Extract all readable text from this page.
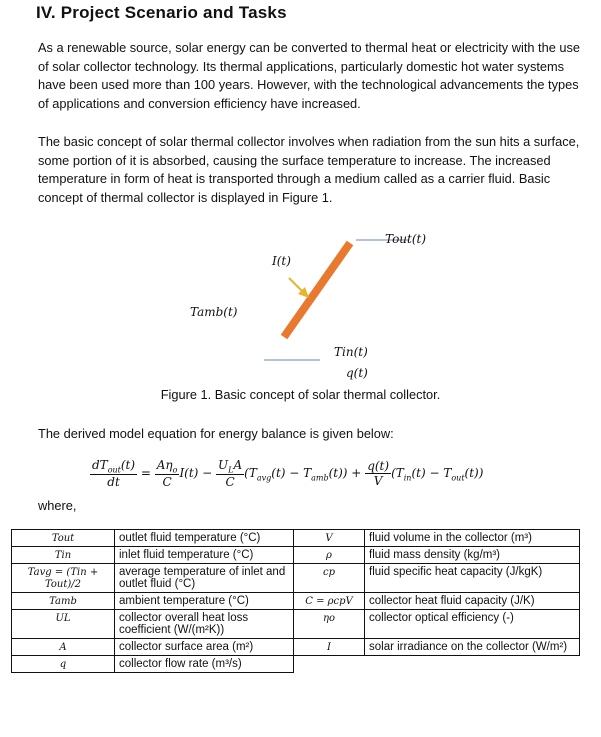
IV. Project Scenario and Tasks
As a renewable source, solar energy can be converted to thermal heat or electricity with the use of solar collector technology. Its thermal applications, particularly domestic hot water systems have been used more than 100 years. However, with the technological advancements the types of applications and conversion efficiency have increased.
The basic concept of solar thermal collector involves when radiation from the sun hits a surface, some portion of it is absorbed, causing the surface temperature to increase. The increased temperature in form of heat is transported through a medium called as a carrier fluid. Basic concept of thermal collector is displayed in Figure 1.
Tout(t)
I(t)
Tamb(t)
Tin(t)
q(t)
Figure 1. Basic concept of solar thermal collector.
The derived model equation for energy balance is given below:
$\frac{dT_{out}(t)}{dt} = \frac{A\eta_o}{C} I(t) - \frac{U_LA}{C} (T_{avg}(t) - T_{amb}(t)) + \frac{q(t)}{V} (T_{in}(t) - T_{out}(t))$
where,
Tout	outlet fluid temperature (°C)	V	fluid volume in the collector (m³)
Tin	inlet fluid temperature (°C)	ρ	fluid mass density (kg/m³)
Tavg = (Tin + Tout)/2	average temperature of inlet and outlet fluid (°C)	cp	fluid specific heat capacity (J/kgK)
Tamb	ambient temperature (°C)	C = ρcpV	collector heat fluid capacity (J/K)
UL	collector overall heat loss coefficient (W/(m²K))	ηo	collector optical efficiency (-)
A	collector surface area (m²)	I	solar irradiance on the collector (W/m²)
q	collector flow rate (m³/s)		
